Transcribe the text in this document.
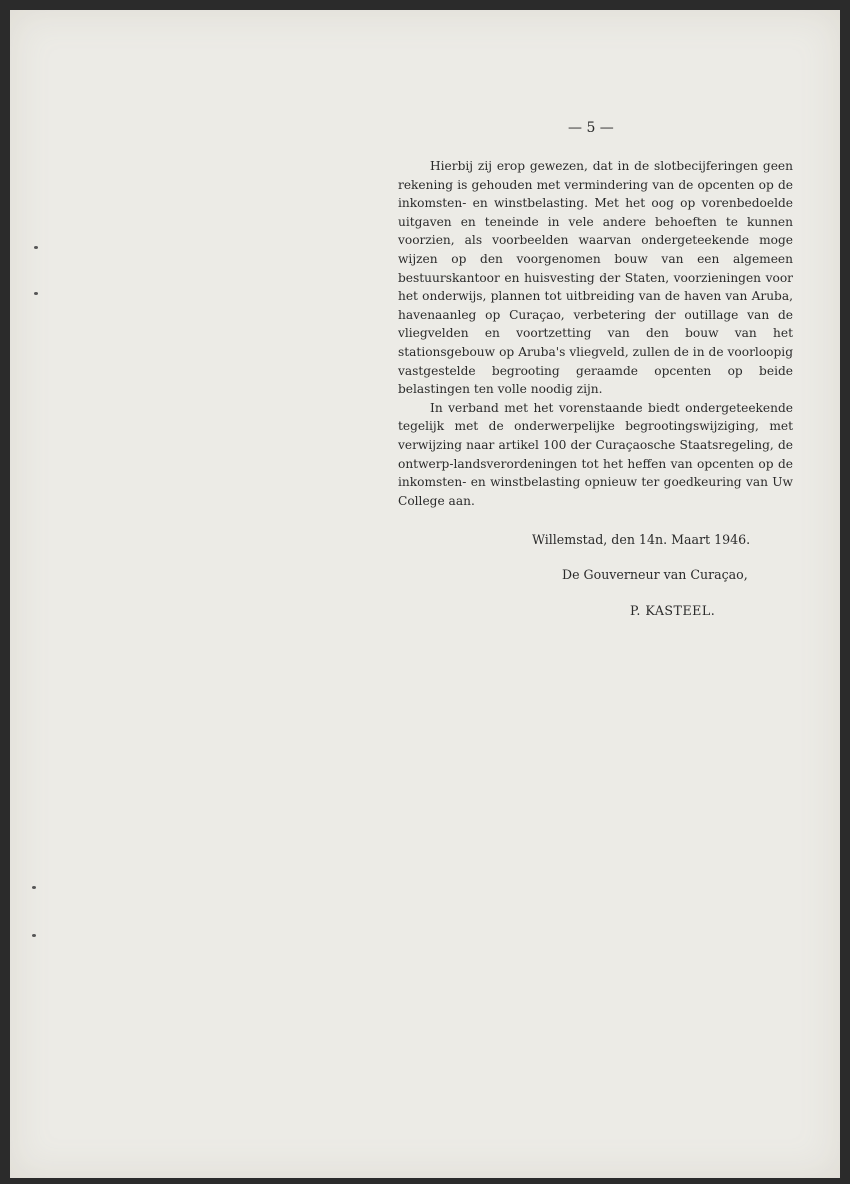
— 5 —

Hierbij zij erop gewezen, dat in de slotbecijferingen geen rekening is gehouden met vermindering van de opcenten op de inkomsten- en winstbelasting. Met het oog op vorenbedoelde uitgaven en teneinde in vele andere behoeften te kunnen voorzien, als voorbeelden waarvan ondergeteekende moge wijzen op den voorgenomen bouw van een algemeen bestuurskantoor en huisvesting der Staten, voorzieningen voor het onderwijs, plannen tot uitbreiding van de haven van Aruba, havenaanleg op Curaçao, verbetering der outillage van de vliegvelden en voortzetting van den bouw van het stationsgebouw op Aruba's vliegveld, zullen de in de voorloopig vastgestelde begrooting geraamde opcenten op beide belastingen ten volle noodig zijn.

In verband met het vorenstaande biedt ondergeteekende tegelijk met de onderwerpelijke begrootingswijziging, met verwijzing naar artikel 100 der Curaçaosche Staatsregeling, de ontwerp-landsverordeningen tot het heffen van opcenten op de inkomsten- en winstbelasting opnieuw ter goedkeuring van Uw College aan.

Willemstad, den 14n. Maart 1946.
De Gouverneur van Curaçao,
P. KASTEEL.
